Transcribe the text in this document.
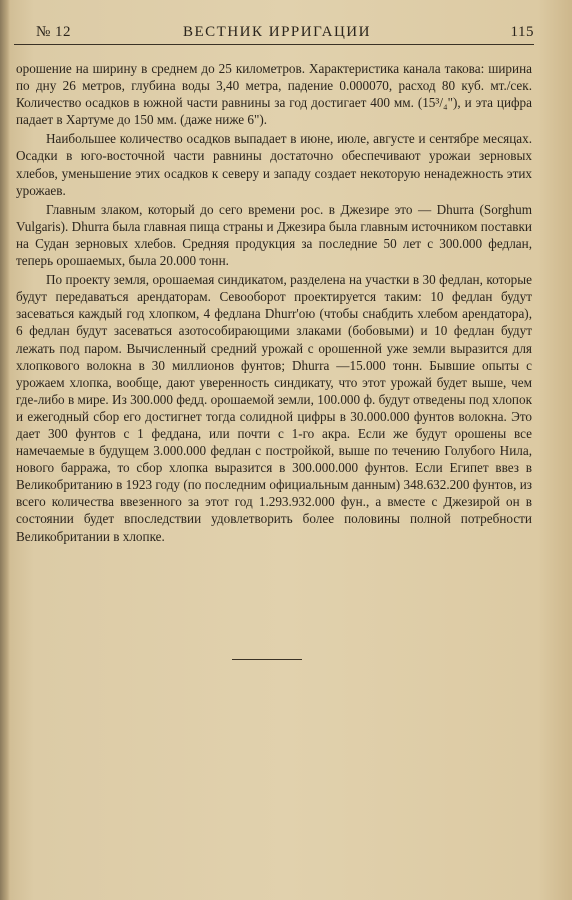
ВЕСТНИК ИРРИГАЦИИ
№ 12	115

орошение на ширину в среднем до 25 километров. Характеристика канала такова: ширина по дну 26 метров, глубина воды 3,40 метра, падение 0.000070, расход 80 куб. мт./сек. Количество осадков в южной части равнины за год достигает 400 мм. (15³/₄"), и эта цифра падает в Хартуме до 150 мм. (даже ниже 6").

Наибольшее количество осадков выпадает в июне, июле, августе и сентябре месяцах. Осадки в юго-восточной части равнины достаточно обеспечивают урожаи зерновых хлебов, уменьшение этих осадков к северу и западу создает некоторую ненадежность этих урожаев.

Главным злаком, который до сего времени рос. в Джезире это — Dhurra (Sorghum Vulgaris). Dhurra была главная пища страны и Джезира была главным источником поставки на Судан зерновых хлебов. Средняя продукция за последние 50 лет с 300.000 федлан, теперь орошаемых, была 20.000 тонн.

По проекту земля, орошаемая синдикатом, разделена на участки в 30 федлан, которые будут передаваться арендаторам. Севооборот проектируется таким: 10 федлан будут засеваться каждый год хлопком, 4 федлана Dhurr'ою (чтобы снабдить хлебом арендатора), 6 федлан будут засеваться азотособирающими злаками (бобовыми) и 10 федлан будут лежать под паром. Вычисленный средний урожай с орошенной уже земли выразится для хлопкового волокна в 30 миллионов фунтов; Dhurra —15.000 тонн. Бывшие опыты с урожаем хлопка, вообще, дают уверенность синдикату, что этот урожай будет выше, чем где-либо в мире. Из 300.000 федд. орошаемой земли, 100.000 ф. будут отведены под хлопок и ежегодный сбор его достигнет тогда солидной цифры в 30.000.000 фунтов волокна. Это дает 300 фунтов с 1 феддана, или почти с 1-го акра. Если же будут орошены все намечаемые в будущем 3.000.000 федлан с постройкой, выше по течению Голубого Нила, нового барража, то сбор хлопка выразится в 300.000.000 фунтов. Если Египет ввез в Великобританию в 1923 году (по последним официальным данным) 348.632.200 фунтов, из всего количества ввезенного за этот год 1.293.932.000 фун., а вместе с Джезирой он в состоянии будет впоследствии удовлетворить более половины полной потребности Великобритании в хлопке.
